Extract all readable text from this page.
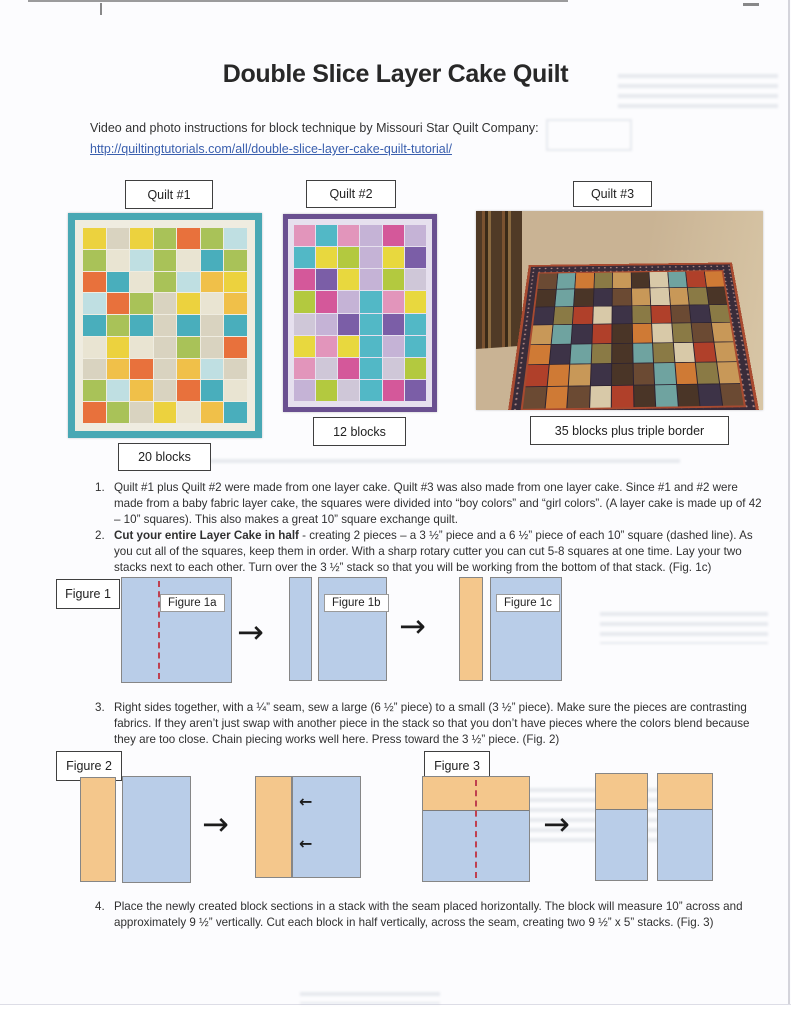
Double Slice Layer Cake Quilt
Video and photo instructions for block technique by Missouri Star Quilt Company:
http://quiltingtutorials.com/all/double-slice-layer-cake-quilt-tutorial/
Quilt #1	Quilt #2	Quilt #3
20 blocks
12 blocks	35 blocks plus triple border
1. Quilt #1 plus Quilt #2 were made from one layer cake. Quilt #3 was also made from one layer cake. Since #1 and #2 were made from a baby fabric layer cake, the squares were divided into “boy colors” and “girl colors”. (A layer cake is made up of 42 – 10” squares). This also makes a great 10” square exchange quilt.
2. Cut your entire Layer Cake in half - creating 2 pieces – a 3 ½” piece and a 6 ½” piece of each 10” square (dashed line). As you cut all of the squares, keep them in order. With a sharp rotary cutter you can cut 5-8 squares at one time. Lay your two stacks next to each other. Turn over the 3 ½” stack so that you will be working from the bottom of that stack. (Fig. 1c)
3. Right sides together, with a ¼” seam, sew a large (6 ½” piece) to a small (3 ½” piece). Make sure the pieces are contrasting fabrics. If they aren’t just swap with another piece in the stack so that you don’t have pieces where the colors blend because they are too close. Chain piecing works well here. Press toward the 3 ½” piece. (Fig. 2)
4. Place the newly created block sections in a stack with the seam placed horizontally. The block will measure 10” across and approximately 9 ½” vertically. Cut each block in half vertically, across the seam, creating two 9 ½” x 5” stacks. (Fig. 3)
Figure 1
Figure 1a
→
Figure 1b
→
Figure 1c
Figure 2
→
←
←
Figure 3
→
